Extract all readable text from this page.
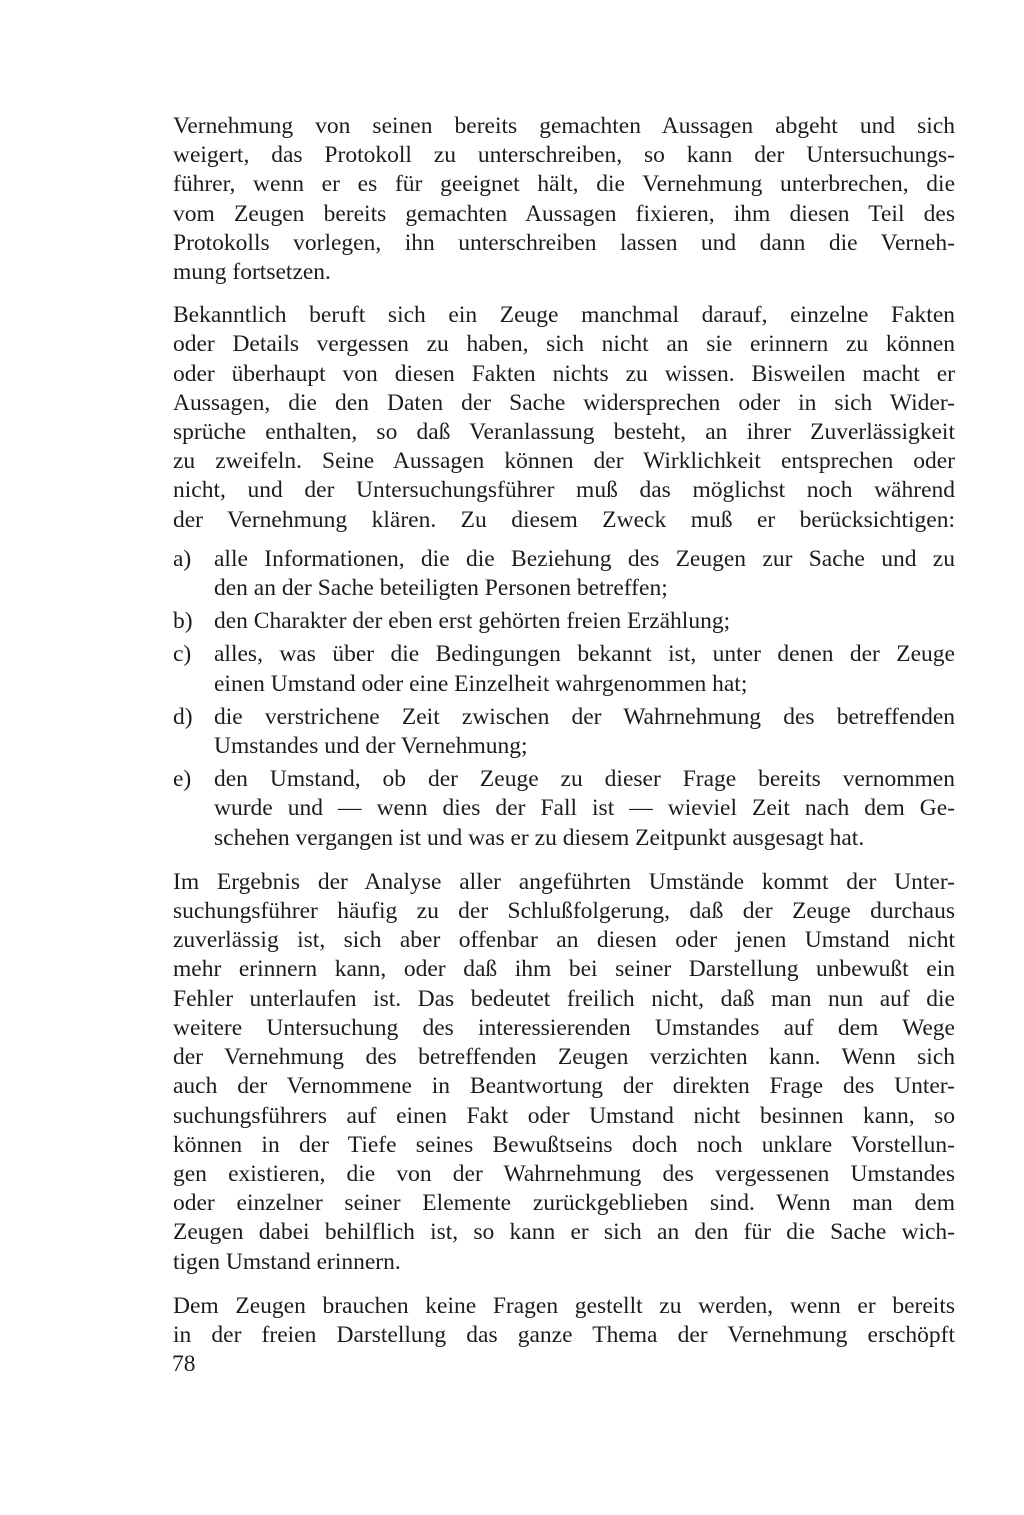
Vernehmung von seinen bereits gemachten Aussagen abgeht und sich
weigert, das Protokoll zu unterschreiben, so kann der Untersuchungs-
führer, wenn er es für geeignet hält, die Vernehmung unterbrechen, die
vom Zeugen bereits gemachten Aussagen fixieren, ihm diesen Teil des
Protokolls vorlegen, ihn unterschreiben lassen und dann die Verneh-
mung fortsetzen.

Bekanntlich beruft sich ein Zeuge manchmal darauf, einzelne Fakten
oder Details vergessen zu haben, sich nicht an sie erinnern zu können
oder überhaupt von diesen Fakten nichts zu wissen. Bisweilen macht er
Aussagen, die den Daten der Sache widersprechen oder in sich Wider-
sprüche enthalten, so daß Veranlassung besteht, an ihrer Zuverlässigkeit
zu zweifeln. Seine Aussagen können der Wirklichkeit entsprechen oder
nicht, und der Untersuchungsführer muß das möglichst noch während
der Vernehmung klären. Zu diesem Zweck muß er berücksichtigen:

a) alle Informationen, die die Beziehung des Zeugen zur Sache und zu
den an der Sache beteiligten Personen betreffen;
b) den Charakter der eben erst gehörten freien Erzählung;
c) alles, was über die Bedingungen bekannt ist, unter denen der Zeuge
einen Umstand oder eine Einzelheit wahrgenommen hat;
d) die verstrichene Zeit zwischen der Wahrnehmung des betreffenden
Umstandes und der Vernehmung;
e) den Umstand, ob der Zeuge zu dieser Frage bereits vernommen
wurde und — wenn dies der Fall ist — wieviel Zeit nach dem Ge-
schehen vergangen ist und was er zu diesem Zeitpunkt ausgesagt hat.

Im Ergebnis der Analyse aller angeführten Umstände kommt der Unter-
suchungsführer häufig zu der Schlußfolgerung, daß der Zeuge durchaus
zuverlässig ist, sich aber offenbar an diesen oder jenen Umstand nicht
mehr erinnern kann, oder daß ihm bei seiner Darstellung unbewußt ein
Fehler unterlaufen ist. Das bedeutet freilich nicht, daß man nun auf die
weitere Untersuchung des interessierenden Umstandes auf dem Wege
der Vernehmung des betreffenden Zeugen verzichten kann. Wenn sich
auch der Vernommene in Beantwortung der direkten Frage des Unter-
suchungsführers auf einen Fakt oder Umstand nicht besinnen kann, so
können in der Tiefe seines Bewußtseins doch noch unklare Vorstellun-
gen existieren, die von der Wahrnehmung des vergessenen Umstandes
oder einzelner seiner Elemente zurückgeblieben sind. Wenn man dem
Zeugen dabei behilflich ist, so kann er sich an den für die Sache wich-
tigen Umstand erinnern.

Dem Zeugen brauchen keine Fragen gestellt zu werden, wenn er bereits
in der freien Darstellung das ganze Thema der Vernehmung erschöpft

78
